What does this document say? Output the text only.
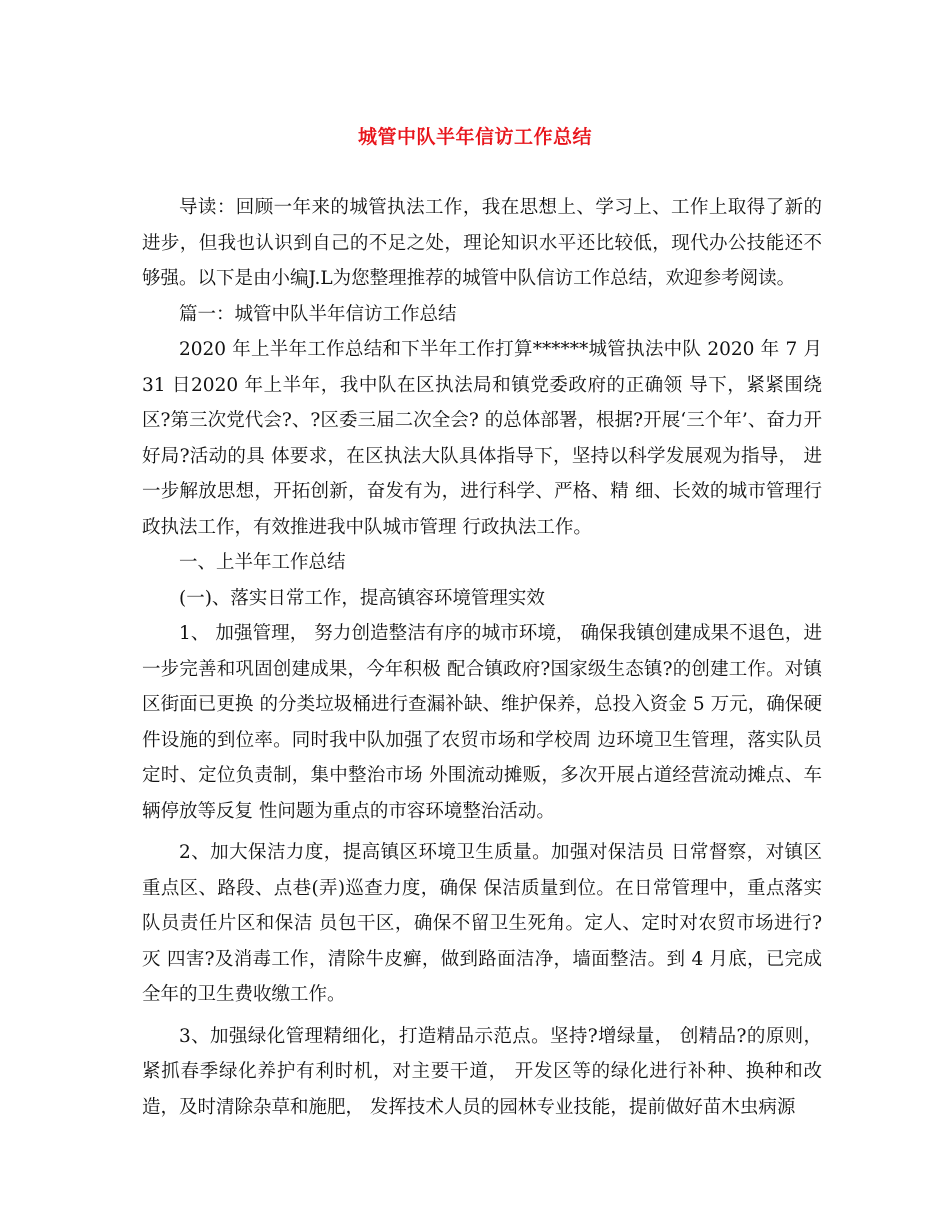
城管中队半年信访工作总结

导读：回顾一年来的城管执法工作，我在思想上、学习上、工作上取得了新的进步，但我也认识到自己的不足之处，理论知识水平还比较低，现代办公技能还不够强。以下是由小编J.L为您整理推荐的城管中队信访工作总结，欢迎参考阅读。

篇一：城管中队半年信访工作总结

2020 年上半年工作总结和下半年工作打算******城管执法中队 2020 年 7 月 31 日2020 年上半年，我中队在区执法局和镇党委政府的正确领 导下，紧紧围绕区?第三次党代会?、?区委三届二次全会? 的总体部署，根据?开展‘三个年’、奋力开好局?活动的具 体要求，在区执法大队具体指导下，坚持以科学发展观为指导， 进一步解放思想，开拓创新，奋发有为，进行科学、严格、精 细、长效的城市管理行政执法工作，有效推进我中队城市管理 行政执法工作。

一、上半年工作总结

(一)、落实日常工作，提高镇容环境管理实效

1、 加强管理， 努力创造整洁有序的城市环境， 确保我镇创建成果不退色，进一步完善和巩固创建成果，今年积极 配合镇政府?国家级生态镇?的创建工作。对镇区街面已更换 的分类垃圾桶进行查漏补缺、维护保养，总投入资金 5 万元，确保硬件设施的到位率。同时我中队加强了农贸市场和学校周 边环境卫生管理，落实队员定时、定位负责制，集中整治市场 外围流动摊贩，多次开展占道经营流动摊点、车辆停放等反复 性问题为重点的市容环境整治活动。

2、加大保洁力度，提高镇区环境卫生质量。加强对保洁员 日常督察，对镇区重点区、路段、点巷(弄)巡查力度，确保 保洁质量到位。在日常管理中，重点落实队员责任片区和保洁 员包干区，确保不留卫生死角。定人、定时对农贸市场进行?灭 四害?及消毒工作，清除牛皮癣，做到路面洁净，墙面整洁。到 4 月底，已完成全年的卫生费收缴工作。

3、加强绿化管理精细化，打造精品示范点。坚持?增绿量， 创精品?的原则，紧抓春季绿化养护有利时机，对主要干道， 开发区等的绿化进行补种、换种和改造，及时清除杂草和施肥， 发挥技术人员的园林专业技能，提前做好苗木虫病源
